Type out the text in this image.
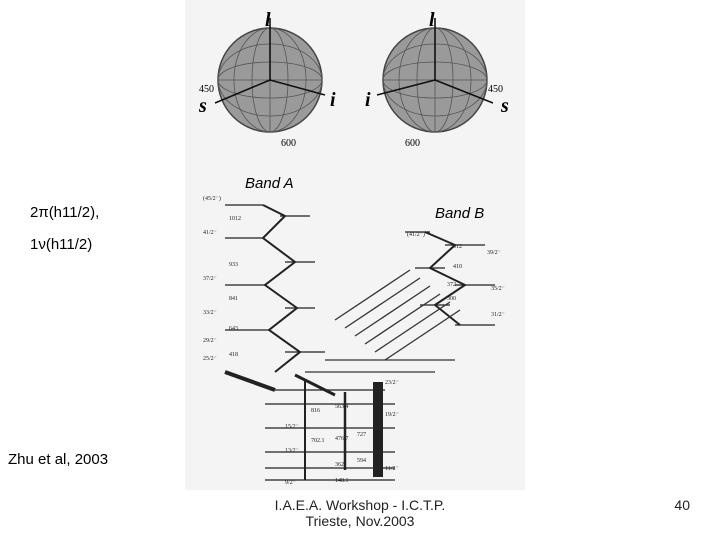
2π(h11/2),
1ν(h11/2)
Zhu et al, 2003
l
s	i
450
600
l
s
i	450
600
Band A
Band B
(45/2⁻)
41/2⁻
37/2⁻
33/2⁻
29/2⁻
25/2⁻
1012
933
841
643
418
(41/2⁻)
39/2⁻
35/2⁻
31/2⁻
512
410
372
300
23/2⁻
19/2⁻
15/2⁻
13/2⁻
11/2⁻
9/2⁻
816
702.1
563.4
476.7
362
148.1
727
594
I.A.E.A. Workshop - I.C.T.P.
Trieste, Nov.2003
40
